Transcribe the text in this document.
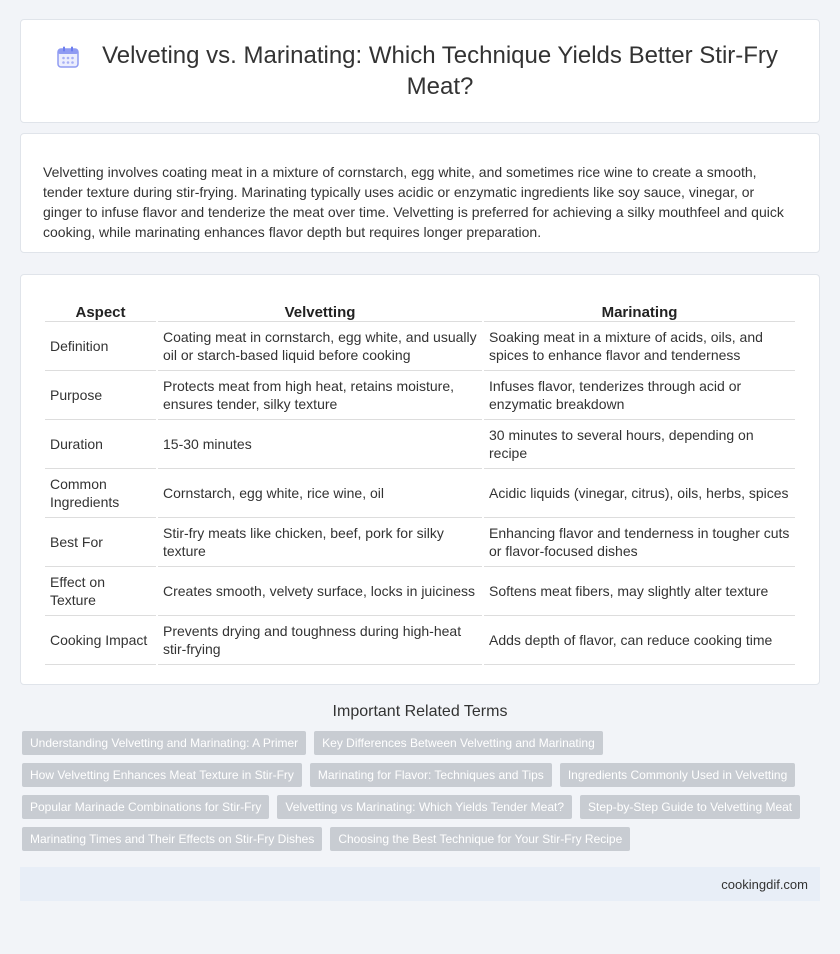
Velveting vs. Marinating: Which Technique Yields Better Stir-Fry Meat?

Velvetting involves coating meat in a mixture of cornstarch, egg white, and sometimes rice wine to create a smooth, tender texture during stir-frying. Marinating typically uses acidic or enzymatic ingredients like soy sauce, vinegar, or ginger to infuse flavor and tenderize the meat over time. Velvetting is preferred for achieving a silky mouthfeel and quick cooking, while marinating enhances flavor depth but requires longer preparation.

Aspect	Velvetting	Marinating
Definition	Coating meat in cornstarch, egg white, and usually oil or starch-based liquid before cooking	Soaking meat in a mixture of acids, oils, and spices to enhance flavor and tenderness
Purpose	Protects meat from high heat, retains moisture, ensures tender, silky texture	Infuses flavor, tenderizes through acid or enzymatic breakdown
Duration	15-30 minutes	30 minutes to several hours, depending on recipe
Common Ingredients	Cornstarch, egg white, rice wine, oil	Acidic liquids (vinegar, citrus), oils, herbs, spices
Best For	Stir-fry meats like chicken, beef, pork for silky texture	Enhancing flavor and tenderness in tougher cuts or flavor-focused dishes
Effect on Texture	Creates smooth, velvety surface, locks in juiciness	Softens meat fibers, may slightly alter texture
Cooking Impact	Prevents drying and toughness during high-heat stir-frying	Adds depth of flavor, can reduce cooking time
Important Related Terms
Understanding Velvetting and Marinating: A Primer	Key Differences Between Velvetting and Marinating
How Velvetting Enhances Meat Texture in Stir-Fry	Marinating for Flavor: Techniques and Tips	Ingredients Commonly Used in Velvetting
Popular Marinade Combinations for Stir-Fry	Velvetting vs Marinating: Which Yields Tender Meat?	Step-by-Step Guide to Velvetting Meat
Marinating Times and Their Effects on Stir-Fry Dishes	Choosing the Best Technique for Your Stir-Fry Recipe
cookingdif.com
